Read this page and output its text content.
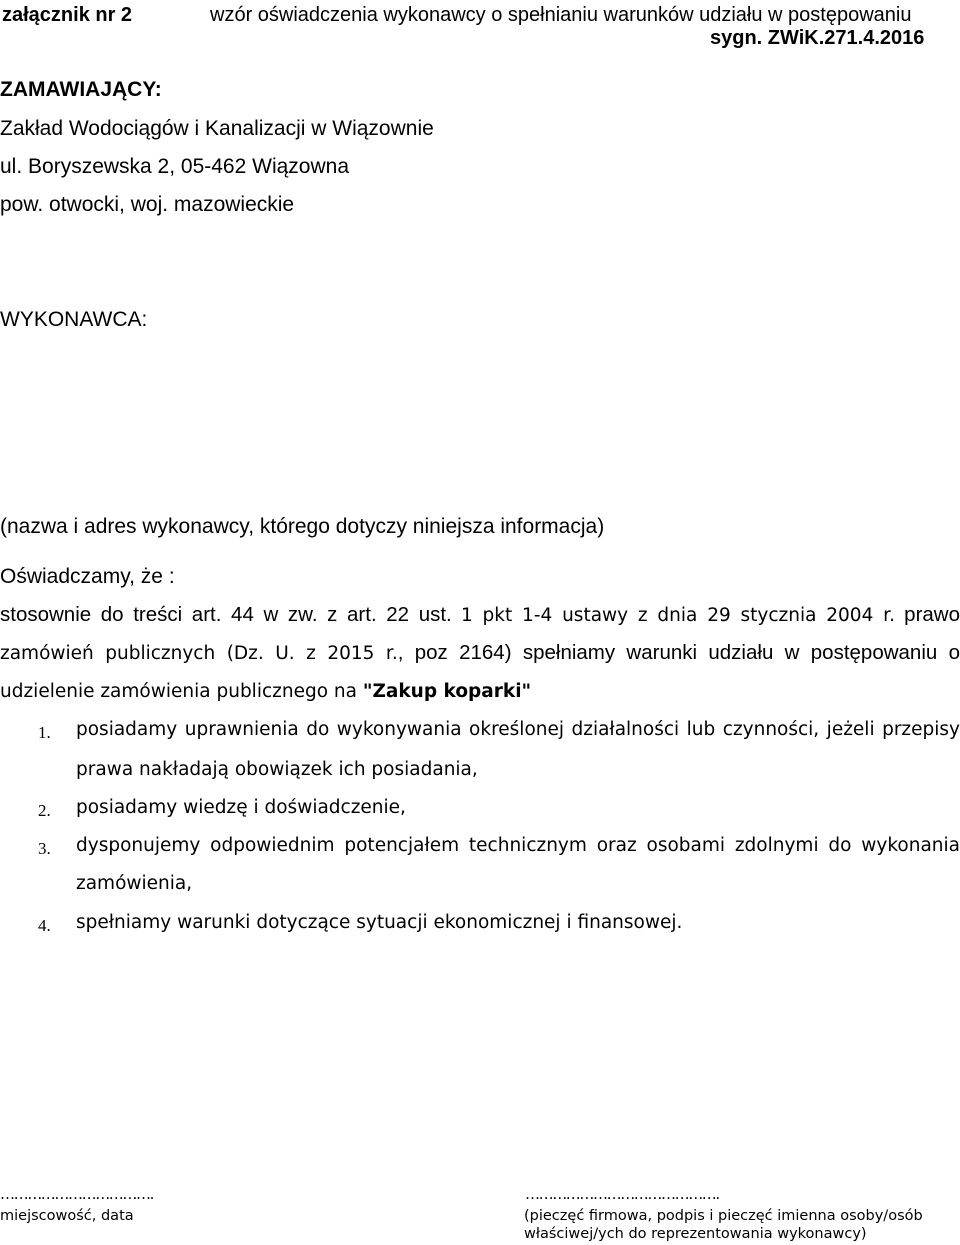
załącznik nr 2	wzór oświadczenia wykonawcy o spełnianiu warunków udziału w postępowaniu
sygn. ZWiK.271.4.2016
ZAMAWIAJĄCY:
Zakład Wodociągów i Kanalizacji w Wiązownie
ul. Boryszewska 2, 05-462 Wiązowna
pow. otwocki, woj. mazowieckie
WYKONAWCA:
(nazwa i adres wykonawcy, którego dotyczy niniejsza informacja)
Oświadczamy, że :
stosownie do treści art. 44 w zw. z art. 22 ust. 1 pkt 1-4 ustawy z dnia 29 stycznia 2004 r. prawo
zamówień publicznych (Dz. U. z 2015 r., poz 2164) spełniamy warunki udziału w postępowaniu o
udzielenie zamówienia publicznego na "Zakup koparki"
1. posiadamy uprawnienia do wykonywania określonej działalności lub czynności, jeżeli przepisy
prawa nakładają obowiązek ich posiadania,
2. posiadamy wiedzę i doświadczenie,
3. dysponujemy odpowiednim potencjałem technicznym oraz osobami zdolnymi do wykonania
zamówienia,
4. spełniamy warunki dotyczące sytuacji ekonomicznej i finansowej.
…………………………….
miejscowość, data
…………………………………….
(pieczęć firmowa, podpis i pieczęć imienna osoby/osób
właściwej/ych do reprezentowania wykonawcy)
